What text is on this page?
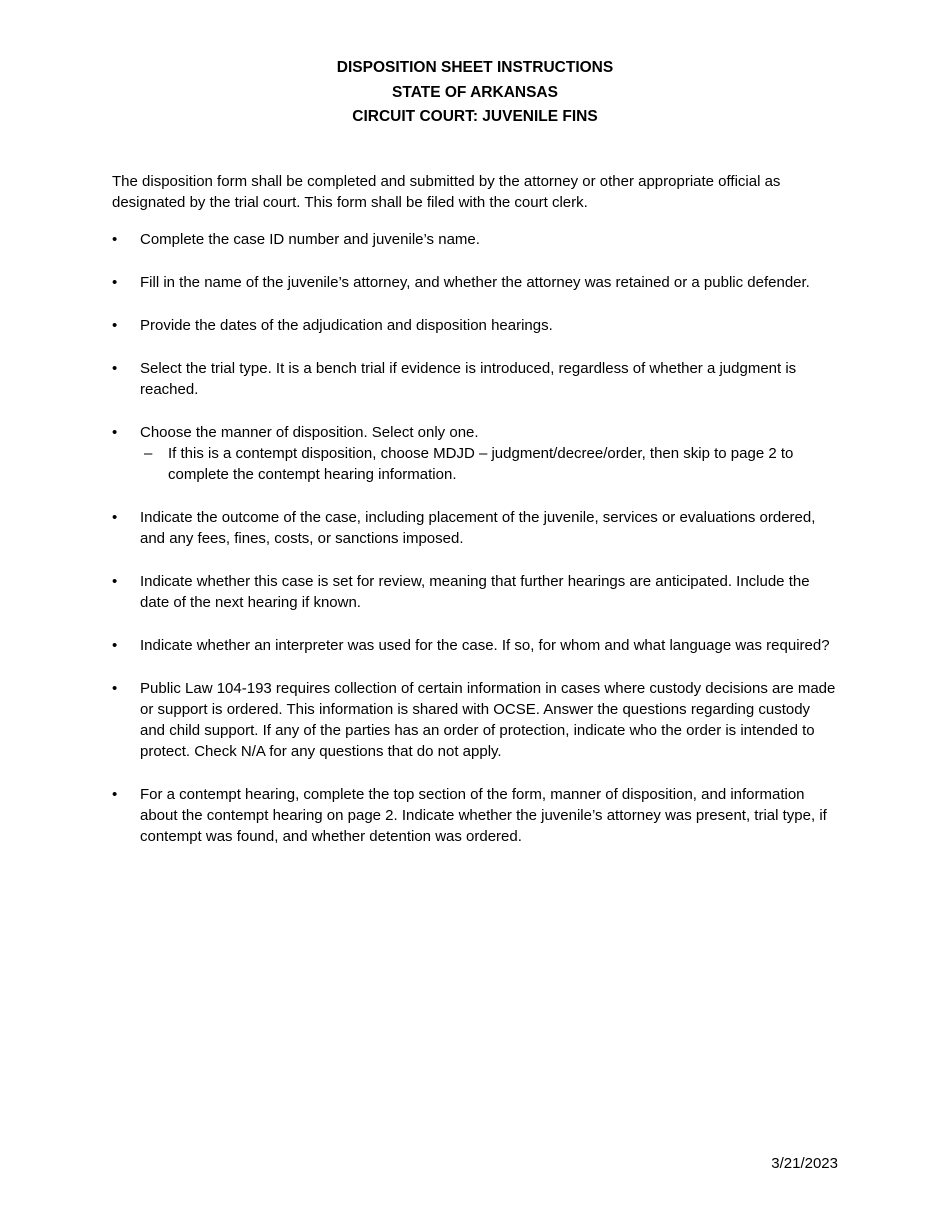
DISPOSITION SHEET INSTRUCTIONS
STATE OF ARKANSAS
CIRCUIT COURT: JUVENILE FINS

The disposition form shall be completed and submitted by the attorney or other appropriate official as designated by the trial court. This form shall be filed with the court clerk.

•
Complete the case ID number and juvenile’s name.
•
Fill in the name of the juvenile’s attorney, and whether the attorney was retained or a public defender.
•
Provide the dates of the adjudication and disposition hearings.
•
Select the trial type. It is a bench trial if evidence is introduced, regardless of whether a judgment is reached.
•
Choose the manner of disposition. Select only one.
–
If this is a contempt disposition, choose MDJD – judgment/decree/order, then skip to page 2 to complete the contempt hearing information.
•
Indicate the outcome of the case, including placement of the juvenile, services or evaluations ordered, and any fees, fines, costs, or sanctions imposed.
•
Indicate whether this case is set for review, meaning that further hearings are anticipated. Include the date of the next hearing if known.
•
Indicate whether an interpreter was used for the case. If so, for whom and what language was required?
•
Public Law 104-193 requires collection of certain information in cases where custody decisions are made or support is ordered. This information is shared with OCSE. Answer the questions regarding custody and child support. If any of the parties has an order of protection, indicate who the order is intended to protect. Check N/A for any questions that do not apply.
•
For a contempt hearing, complete the top section of the form, manner of disposition, and information about the contempt hearing on page 2. Indicate whether the juvenile’s attorney was present, trial type, if contempt was found, and whether detention was ordered.
3/21/2023
